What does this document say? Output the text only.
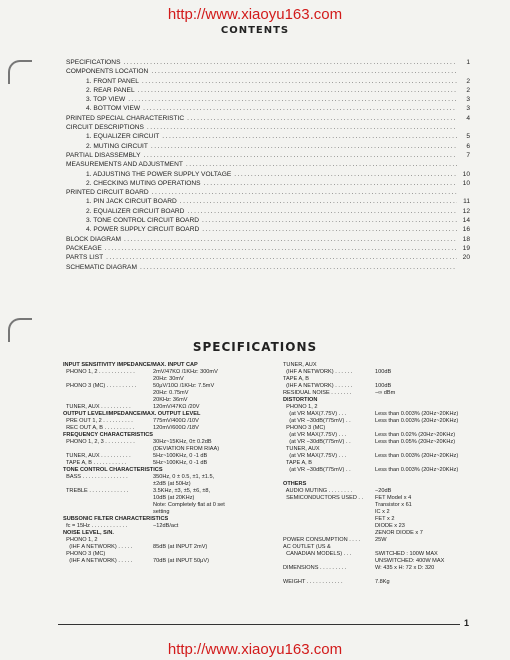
http://www.xiaoyu163.com
http://www.xiaoyu163.com
CONTENTS
SPECIFICATIONS .....	1
COMPONENTS LOCATION
.....
1. FRONT PANEL .....	2
2. REAR PANEL .....	2
3. TOP VIEW .....	3
4. BOTTOM VIEW .....	3
PRINTED SPECIAL CHARACTERISTIC .....	4
CIRCUIT DESCRIPTIONS
.....
1. EQUALIZER CIRCUIT .....	5
2. MUTING CIRCUIT .....	6
PARTIAL DISASSEMBLY .....	7
MEASUREMENTS AND ADJUSTMENT
.....
1. ADJUSTING THE POWER SUPPLY VOLTAGE .....	10
2. CHECKING MUTING OPERATIONS .....	10
PRINTED CIRCUIT BOARD
.....
1. PIN JACK CIRCUIT BOARD .....	11
2. EQUALIZER CIRCUIT BOARD .....	12
3. TONE CONTROL CIRCUIT BOARD .....	14
4. POWER SUPPLY CIRCUIT BOARD .....	16
BLOCK DIAGRAM .....	18
PACKEAGE .....	19
PARTS LIST .....	20
SCHEMATIC DIAGRAM
.....
SPECIFICATIONS
INPUT SENSITIVITY IMPEDANCE/MAX. INPUT CAP
PHONO 1, 2 . . . . . . . . . . . .	2mV/47KΩ /1KHz: 300mV
20Hz: 30mV
PHONO 3 (MC) . . . . . . . . . .	50μV/10Ω /1KHz: 7.5mV
20Hz: 0.75mV
20KHz: 36mV
TUNER, AUX . . . . . . . . . .	120mV/47KΩ /20V
OUTPUT LEVEL/IMPEDANCE/MAX. OUTPUT LEVEL
PRE OUT 1, 2 . . . . . . . . . .	775mV/400Ω /10V
REC OUT A, B . . . . . . . . . .	120mV/600Ω /18V
FREQUENCY CHARACTERISTICS
PHONO 1, 2, 3 . . . . . . . . . .	30Hz~15KHz, 0± 0.2dB
(DEVIATION FROM RIAA)
TUNER, AUX . . . . . . . . . .	5Hz~100KHz, 0 -1 dB
TAPE A, B . . . . . . . . . . .	5Hz~100KHz, 0 -1 dB
TONE CONTROL CHARACTERISTICS
BASS . . . . . . . . . . . . . . .	350Hz, 0 ± 0.5, ±1, ±1.5,
±2dB (at 50Hz)
TREBLE . . . . . . . . . . . . .	3.5KHz, ±3, ±5, ±6, ±8,
10dB (at 20KHz)
Note: Completely flat at 0 set
setting
SUBSONIC FILTER CHARACTERISTICS
fc = 15Hz . . . . . . . . . . . .	−12dB/act
NOISE LEVEL, S/N.
PHONO 1, 2
(IHF A NETWORK) . . . . .	85dB (at INPUT 2mV)
PHONO 3 (MC)
(IHF A NETWORK) . . . . .	70dB (at INPUT 50μV)
TUNER, AUX
(IHF A NETWORK) . . . . . .	100dB
TAPE A, B
(IHF A NETWORK) . . . . . .	100dB
RESIDUAL NOISE . . . . . . .	−∞ dBm
DISTORTION
PHONO 1, 2
(at VR MAX(7.75V) . . .	Less than 0.003% (20Hz~20KHz)
(at VR −30dB(775mV) . .	Less than 0.003% (20Hz~20KHz)
PHONO 3 (MC)
(at VR MAX(7.75V) . . .	Less than 0.02% (20Hz~20KHz)
(at VR −30dB(775mV) . .	Less than 0.05% (20Hz~20KHz)
TUNER, AUX
(at VR MAX(7.75V) . . .	Less than 0.003% (20Hz~20KHz)
TAPE A, B
(at VR −30dB(775mV) . .	Less than 0.003% (20Hz~20KHz)
OTHERS
AUDIO MUTING . . . . . . . .	−20dB
SEMICONDUCTORS USED . .	FET Model x 4
Transistor x 61
IC x 2
FET x 2
DIODE x 23
ZENOR DIODE x 7
POWER CONSUMPTION . . . .	25W
AC OUTLET (US &
CANADIAN MODELS) . . .	SWITCHED : 100W MAX
UNSWITCHED: 400W MAX
DIMENSIONS . . . . . . . . .	W: 435 x H: 72 x D: 320
WEIGHT . . . . . . . . . . . .	7.8Kg
1
